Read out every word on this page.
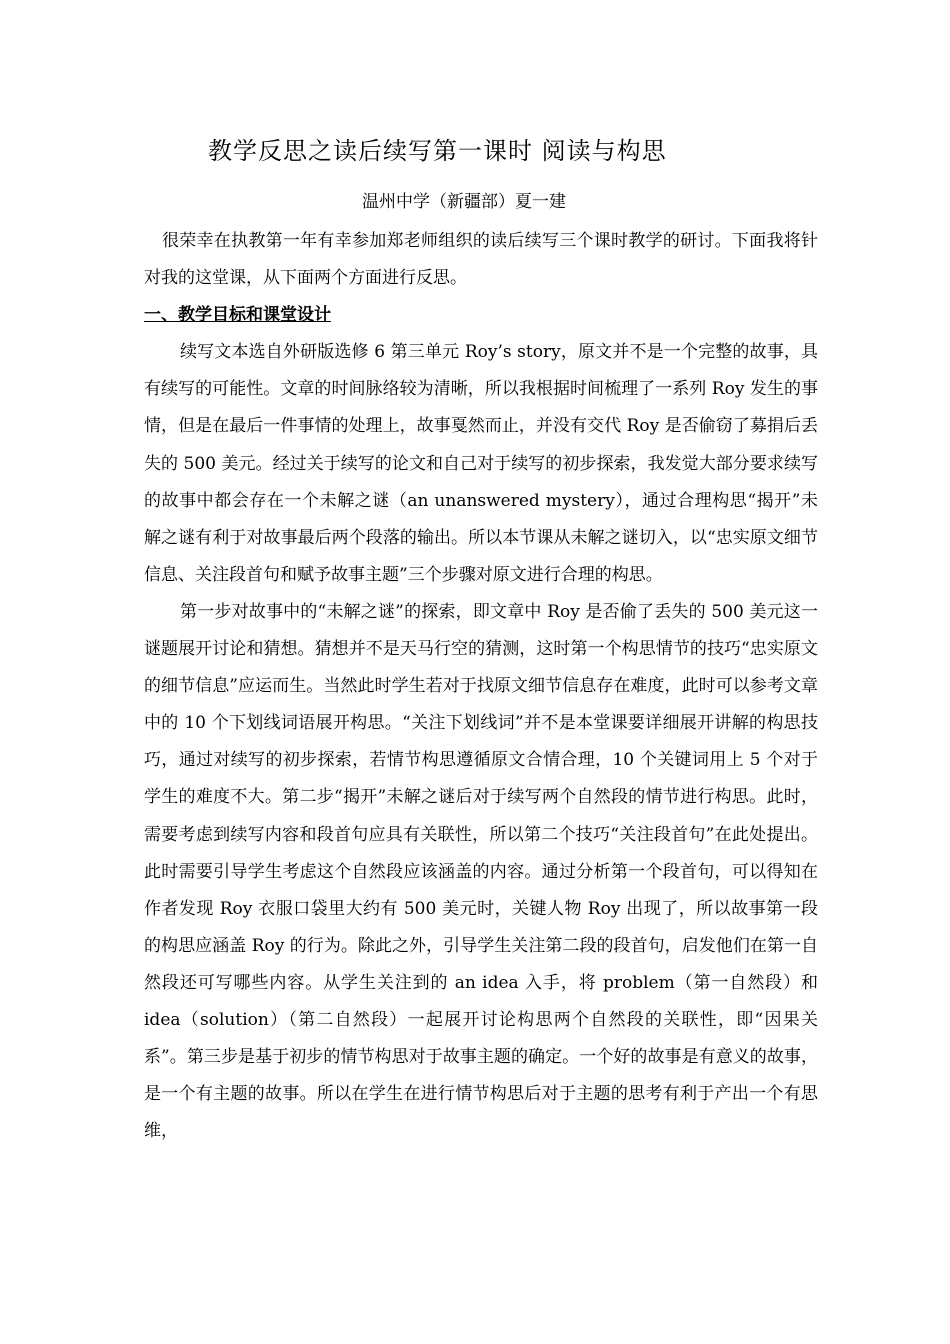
教学反思之读后续写第一课时 阅读与构思
温州中学（新疆部）夏一建

很荣幸在执教第一年有幸参加郑老师组织的读后续写三个课时教学的研讨。下面我将针对我的这堂课，从下面两个方面进行反思。

一、教学目标和课堂设计

续写文本选自外研版选修 6 第三单元 Roy’s story，原文并不是一个完整的故事，具有续写的可能性。文章的时间脉络较为清晰，所以我根据时间梳理了一系列 Roy 发生的事情，但是在最后一件事情的处理上，故事戛然而止，并没有交代 Roy 是否偷窃了募捐后丢失的 500 美元。经过关于续写的论文和自己对于续写的初步探索，我发觉大部分要求续写的故事中都会存在一个未解之谜（an unanswered mystery），通过合理构思“揭开”未解之谜有利于对故事最后两个段落的输出。所以本节课从未解之谜切入，以“忠实原文细节信息、关注段首句和赋予故事主题”三个步骤对原文进行合理的构思。

第一步对故事中的“未解之谜”的探索，即文章中 Roy 是否偷了丢失的 500 美元这一谜题展开讨论和猜想。猜想并不是天马行空的猜测，这时第一个构思情节的技巧“忠实原文的细节信息”应运而生。当然此时学生若对于找原文细节信息存在难度，此时可以参考文章中的 10 个下划线词语展开构思。“关注下划线词”并不是本堂课要详细展开讲解的构思技巧，通过对续写的初步探索，若情节构思遵循原文合情合理，10 个关键词用上 5 个对于学生的难度不大。第二步“揭开”未解之谜后对于续写两个自然段的情节进行构思。此时，需要考虑到续写内容和段首句应具有关联性，所以第二个技巧“关注段首句”在此处提出。此时需要引导学生考虑这个自然段应该涵盖的内容。通过分析第一个段首句，可以得知在作者发现 Roy 衣服口袋里大约有 500 美元时，关键人物 Roy 出现了，所以故事第一段的构思应涵盖 Roy 的行为。除此之外，引导学生关注第二段的段首句，启发他们在第一自然段还可写哪些内容。从学生关注到的 an idea 入手，将 problem（第一自然段）和 idea（solution）（第二自然段）一起展开讨论构思两个自然段的关联性，即“因果关系”。第三步是基于初步的情节构思对于故事主题的确定。一个好的故事是有意义的故事，是一个有主题的故事。所以在学生在进行情节构思后对于主题的思考有利于产出一个有思维，
